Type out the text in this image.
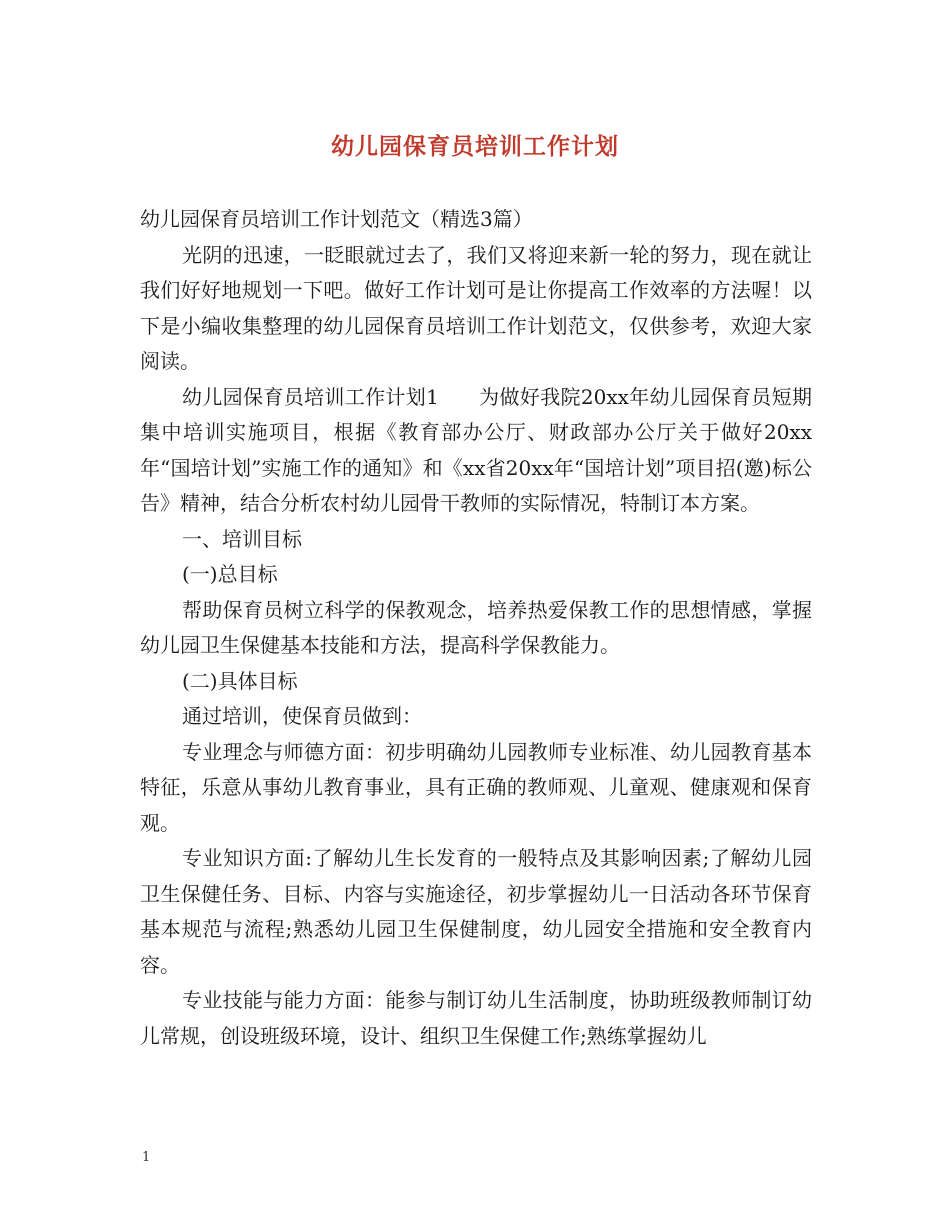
幼儿园保育员培训工作计划

幼儿园保育员培训工作计划范文（精选3篇）

光阴的迅速，一眨眼就过去了，我们又将迎来新一轮的努力，现在就让我们好好地规划一下吧。做好工作计划可是让你提高工作效率的方法喔！以下是小编收集整理的幼儿园保育员培训工作计划范文，仅供参考，欢迎大家阅读。

幼儿园保育员培训工作计划1 为做好我院20xx年幼儿园保育员短期集中培训实施项目，根据《教育部办公厅、财政部办公厅关于做好20xx年“国培计划”实施工作的通知》和《xx省20xx年“国培计划”项目招(邀)标公告》精神，结合分析农村幼儿园骨干教师的实际情况，特制订本方案。

一、培训目标

(一)总目标

帮助保育员树立科学的保教观念，培养热爱保教工作的思想情感，掌握幼儿园卫生保健基本技能和方法，提高科学保教能力。

(二)具体目标

通过培训，使保育员做到：

专业理念与师德方面：初步明确幼儿园教师专业标准、幼儿园教育基本特征，乐意从事幼儿教育事业，具有正确的教师观、儿童观、健康观和保育观。

专业知识方面:了解幼儿生长发育的一般特点及其影响因素;了解幼儿园卫生保健任务、目标、内容与实施途径，初步掌握幼儿一日活动各环节保育基本规范与流程;熟悉幼儿园卫生保健制度，幼儿园安全措施和安全教育内容。

专业技能与能力方面：能参与制订幼儿生活制度，协助班级教师制订幼儿常规，创设班级环境，设计、组织卫生保健工作;熟练掌握幼儿

1
